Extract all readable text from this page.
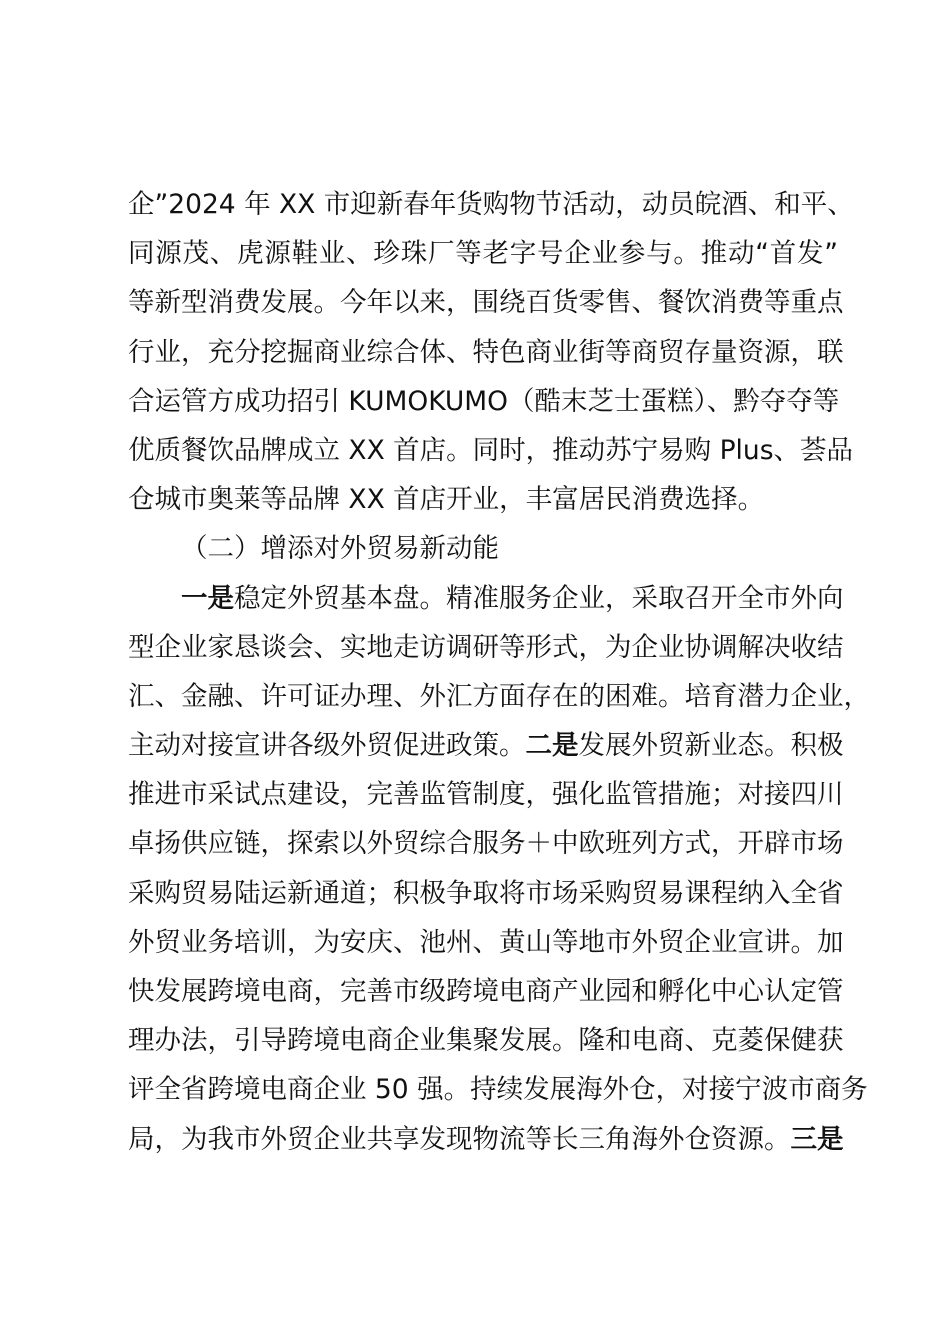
企”2024 年 XX 市迎新春年货购物节活动，动员皖酒、和平、
同源茂、虎源鞋业、珍珠厂等老字号企业参与。推动“首发”
等新型消费发展。今年以来，围绕百货零售、餐饮消费等重点
行业，充分挖掘商业综合体、特色商业街等商贸存量资源，联
合运管方成功招引 KUMOKUMO（酷末芝士蛋糕）、黔夺夺等
优质餐饮品牌成立 XX 首店。同时，推动苏宁易购 Plus、荟品
仓城市奥莱等品牌 XX 首店开业，丰富居民消费选择。
（二）增添对外贸易新动能
一是稳定外贸基本盘。精准服务企业，采取召开全市外向
型企业家恳谈会、实地走访调研等形式，为企业协调解决收结
汇、金融、许可证办理、外汇方面存在的困难。培育潜力企业，
主动对接宣讲各级外贸促进政策。二是发展外贸新业态。积极
推进市采试点建设，完善监管制度，强化监管措施；对接四川
卓扬供应链，探索以外贸综合服务＋中欧班列方式，开辟市场
采购贸易陆运新通道；积极争取将市场采购贸易课程纳入全省
外贸业务培训，为安庆、池州、黄山等地市外贸企业宣讲。加
快发展跨境电商，完善市级跨境电商产业园和孵化中心认定管
理办法，引导跨境电商企业集聚发展。隆和电商、克菱保健获
评全省跨境电商企业 50 强。持续发展海外仓，对接宁波市商务
局，为我市外贸企业共享发现物流等长三角海外仓资源。三是
